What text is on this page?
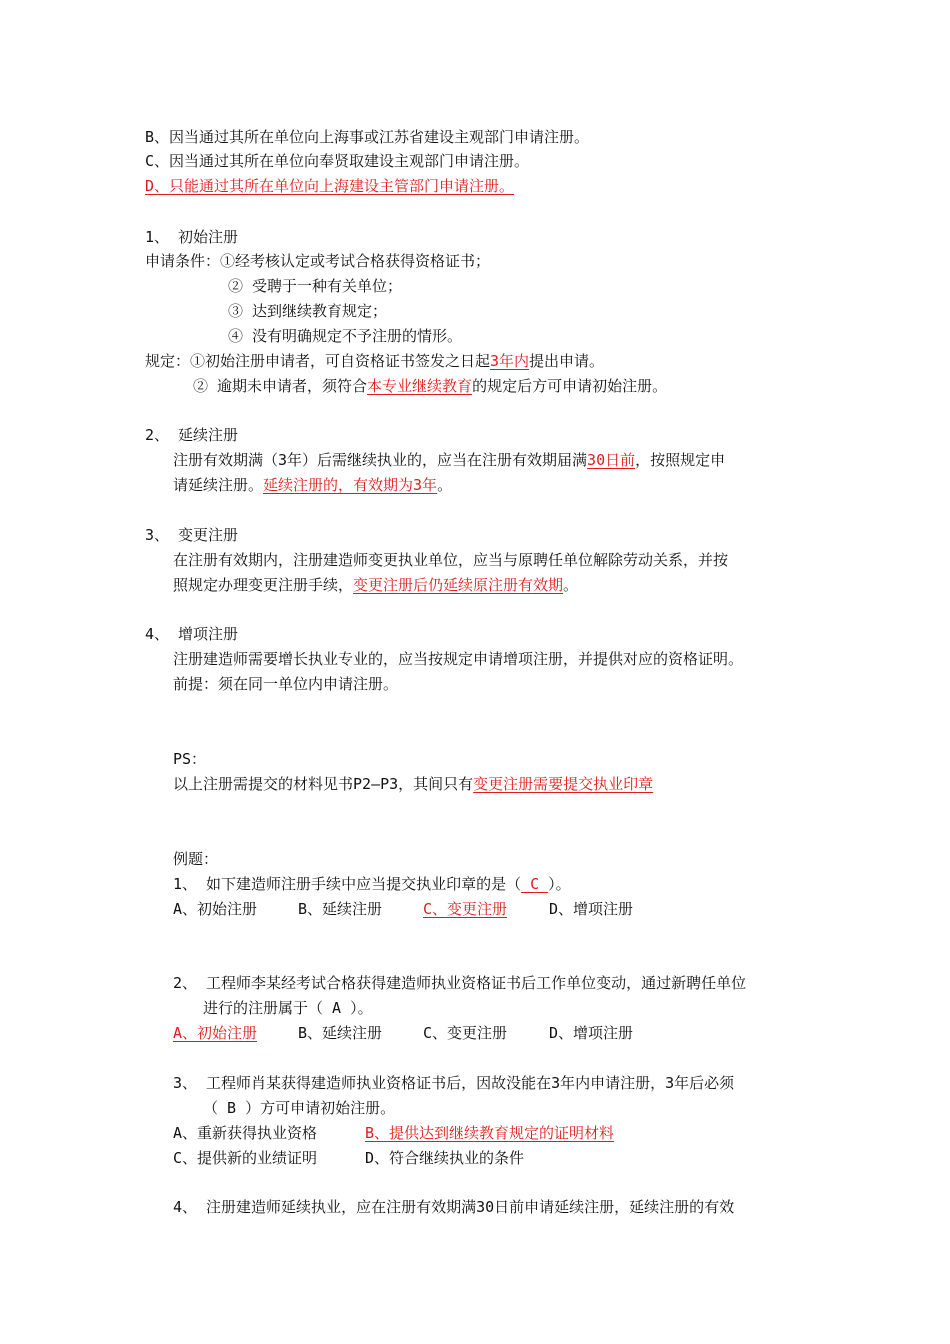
B、因当通过其所在单位向上海事或江苏省建设主观部门申请注册。
C、因当通过其所在单位向奉贤取建设主观部门申请注册。
D、只能通过其所在单位向上海建设主管部门申请注册。
1、 初始注册
申请条件：①经考核认定或考试合格获得资格证书；
② 受聘于一种有关单位；
③ 达到继续教育规定；
④ 没有明确规定不予注册的情形。
规定：①初始注册申请者，可自资格证书签发之日起3年内提出申请。
② 逾期未申请者，须符合本专业继续教育的规定后方可申请初始注册。
2、 延续注册
注册有效期满（3年）后需继续执业的，应当在注册有效期届满30日前，按照规定申
请延续注册。延续注册的，有效期为3年。
3、 变更注册
在注册有效期内，注册建造师变更执业单位，应当与原聘任单位解除劳动关系，并按
照规定办理变更注册手续，变更注册后仍延续原注册有效期。
4、 增项注册
注册建造师需要增长执业专业的，应当按规定申请增项注册，并提供对应的资格证明。
前提：须在同一单位内申请注册。
PS：
以上注册需提交的材料见书P2—P3，其间只有变更注册需要提交执业印章
例题：
1、 如下建造师注册手续中应当提交执业印章的是（ C ）。
A、初始注册	B、延续注册	C、变更注册	D、增项注册
2、 工程师李某经考试合格获得建造师执业资格证书后工作单位变动，通过新聘任单位
进行的注册属于（ A ）。
A、初始注册	B、延续注册	C、变更注册	D、增项注册
3、 工程师肖某获得建造师执业资格证书后，因故没能在3年内申请注册，3年后必须
（ B ）方可申请初始注册。
A、重新获得执业资格	B、提供达到继续教育规定的证明材料
C、提供新的业绩证明	D、符合继续执业的条件
4、 注册建造师延续执业，应在注册有效期满30日前申请延续注册，延续注册的有效
